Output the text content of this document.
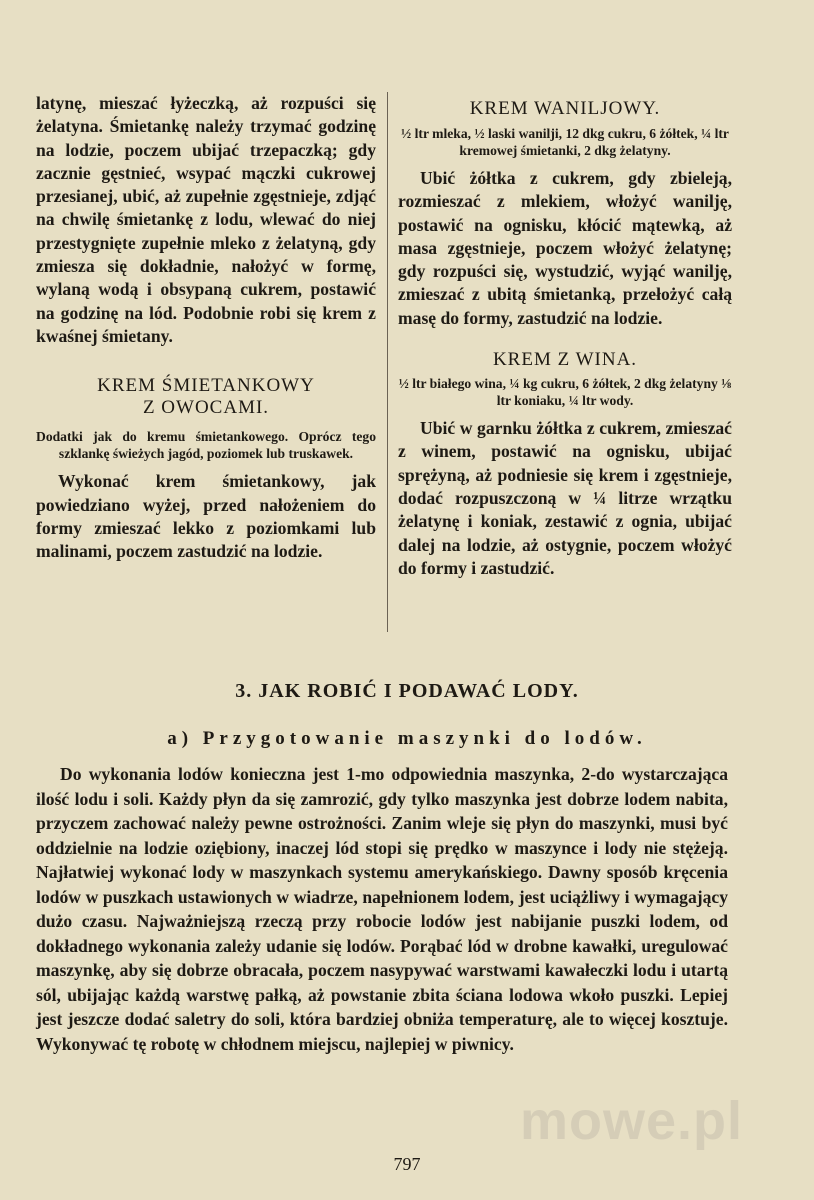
latynę, mieszać łyżeczką, aż rozpuści się żelatyna. Śmietankę należy trzymać godzinę na lodzie, poczem ubijać trzepaczką; gdy zacznie gęstnieć, wsypać mączki cukrowej przesianej, ubić, aż zupełnie zgęstnieje, zdjąć na chwilę śmietankę z lodu, wlewać do niej przestygnięte zupełnie mleko z żelatyną, gdy zmiesza się dokładnie, nałożyć w formę, wylaną wodą i obsypaną cukrem, postawić na godzinę na lód. Podobnie robi się krem z kwaśnej śmietany.

KREM ŚMIETANKOWY

Z OWOCAMI.

Dodatki jak do kremu śmietankowego. Oprócz tego szklankę świeżych jagód, poziomek lub truskawek.

Wykonać krem śmietankowy, jak powiedziano wyżej, przed nałożeniem do formy zmieszać lekko z poziomkami lub malinami, poczem zastudzić na lodzie.

KREM WANILJOWY.

½ ltr mleka, ½ laski wanilji, 12 dkg cukru, 6 żółtek, ¼ ltr kremowej śmietanki, 2 dkg żelatyny.

Ubić żółtka z cukrem, gdy zbieleją, rozmieszać z mlekiem, włożyć wanilję, postawić na ognisku, kłócić mątewką, aż masa zgęstnieje, poczem włożyć żelatynę; gdy rozpuści się, wystudzić, wyjąć wanilję, zmieszać z ubitą śmietanką, przełożyć całą masę do formy, zastudzić na lodzie.

KREM Z WINA.

½ ltr białego wina, ¼ kg cukru, 6 żółtek, 2 dkg żelatyny ⅛ ltr koniaku, ¼ ltr wody.

Ubić w garnku żółtka z cukrem, zmieszać z winem, postawić na ognisku, ubijać sprężyną, aż podniesie się krem i zgęstnieje, dodać rozpuszczoną w ¼ litrze wrzątku żelatynę i koniak, zestawić z ognia, ubijać dalej na lodzie, aż ostygnie, poczem włożyć do formy i zastudzić.

3. JAK ROBIĆ I PODAWAĆ LODY.
a) Przygotowanie maszynki do lodów.

Do wykonania lodów konieczna jest 1-mo odpowiednia maszynka, 2-do wystarczająca ilość lodu i soli. Każdy płyn da się zamrozić, gdy tylko maszynka jest dobrze lodem nabita, przyczem zachować należy pewne ostrożności. Zanim wleje się płyn do maszynki, musi być oddzielnie na lodzie oziębiony, inaczej lód stopi się prędko w maszynce i lody nie stężeją. Najłatwiej wykonać lody w maszynkach systemu amerykańskiego. Dawny sposób kręcenia lodów w puszkach ustawionych w wiadrze, napełnionem lodem, jest uciążliwy i wymagający dużo czasu. Najważniejszą rzeczą przy robocie lodów jest nabijanie puszki lodem, od dokładnego wykonania zależy udanie się lodów. Porąbać lód w drobne kawałki, uregulować maszynkę, aby się dobrze obracała, poczem nasypywać warstwami kawałeczki lodu i utartą sól, ubijając każdą warstwę pałką, aż powstanie zbita ściana lodowa wkoło puszki. Lepiej jest jeszcze dodać saletry do soli, która bardziej obniża temperaturę, ale to więcej kosztuje. Wykonywać tę robotę w chłodnem miejscu, najlepiej w piwnicy.

mowe.pl

797
